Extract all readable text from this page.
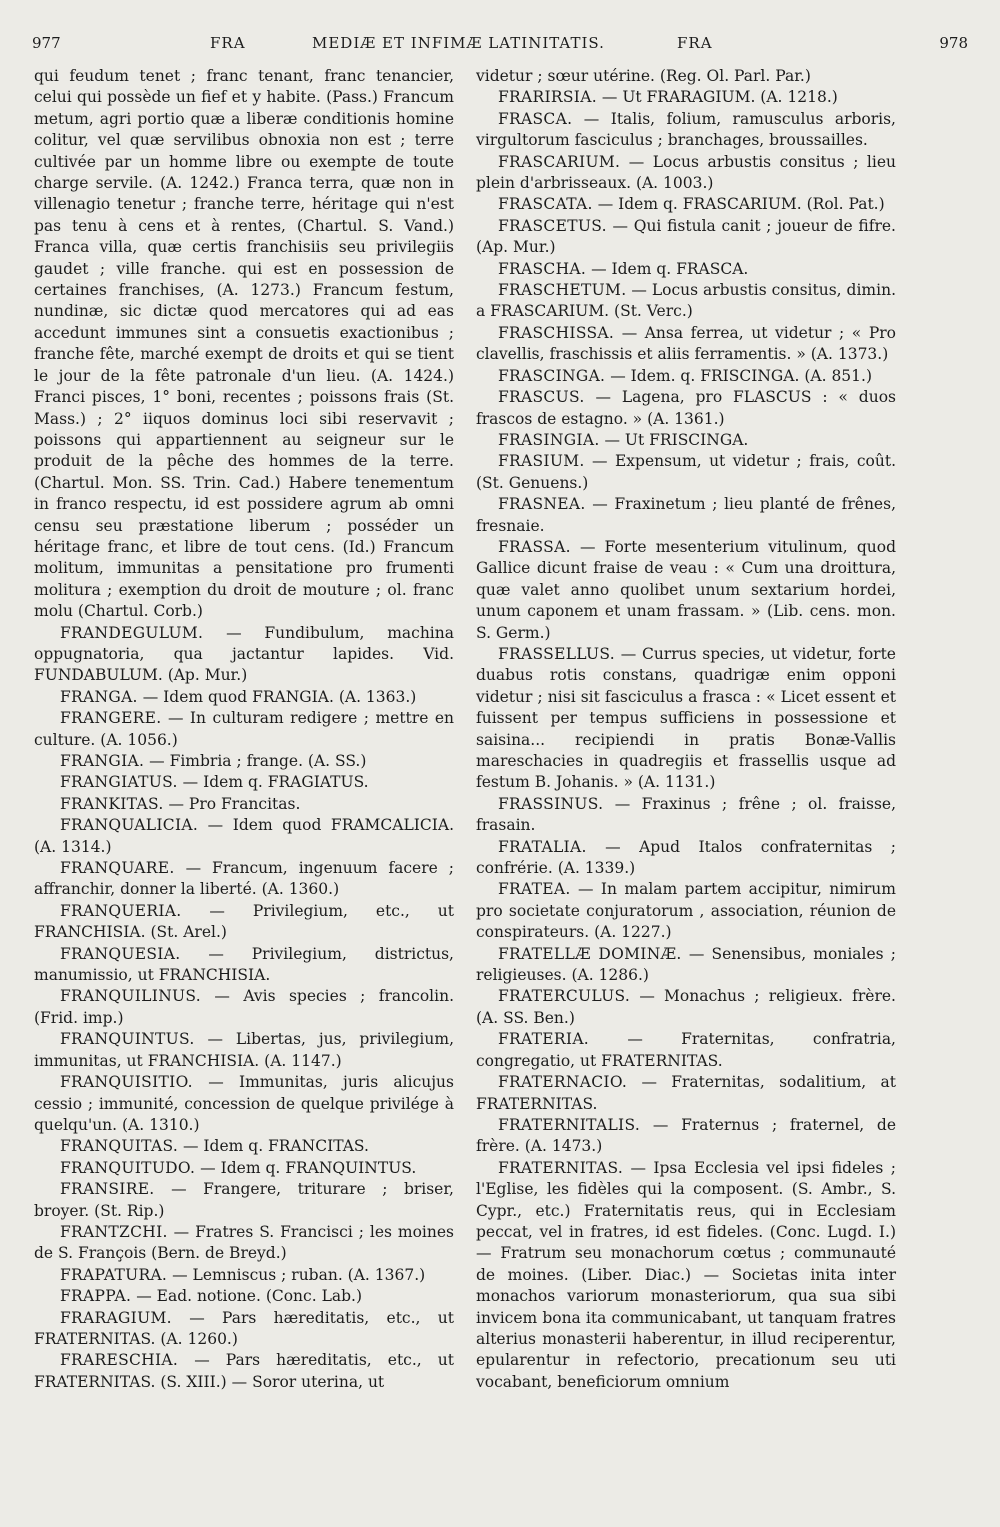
977	FRA	MEDIÆ ET INFIMÆ LATINITATIS.	FRA	978

qui feudum tenet ; franc tenant, franc tenancier, celui qui possède un fief et y habite. (Pass.) Francum metum, agri portio quæ a liberæ conditionis homine colitur, vel quæ servilibus obnoxia non est ; terre cultivée par un homme libre ou exempte de toute charge servile. (A. 1242.) Franca terra, quæ non in villenagio tenetur ; franche terre, héritage qui n'est pas tenu à cens et à rentes, (Chartul. S. Vand.) Franca villa, quæ certis franchisiis seu privilegiis gaudet ; ville franche. qui est en possession de certaines franchises, (A. 1273.) Francum festum, nundinæ, sic dictæ quod mercatores qui ad eas accedunt immunes sint a consuetis exactionibus ; franche fête, marché exempt de droits et qui se tient le jour de la fête patronale d'un lieu. (A. 1424.) Franci pisces, 1° boni, recentes ; poissons frais (St. Mass.) ; 2° iiquos dominus loci sibi reservavit ; poissons qui appartiennent au seigneur sur le produit de la pêche des hommes de la terre. (Chartul. Mon. SS. Trin. Cad.) Habere tenementum in franco respectu, id est possidere agrum ab omni censu seu præstatione liberum ; posséder un héritage franc, et libre de tout cens. (Id.) Francum molitum, immunitas a pensitatione pro frumenti molitura ; exemption du droit de mouture ; ol. franc molu (Chartul. Corb.)

FRANDEGULUM. — Fundibulum, machina oppugnatoria, qua jactantur lapides. Vid. FUNDABULUM. (Ap. Mur.)

FRANGA. — Idem quod FRANGIA. (A. 1363.)

FRANGERE. — In culturam redigere ; mettre en culture. (A. 1056.)

FRANGIA. — Fimbria ; frange. (A. SS.)

FRANGIATUS. — Idem q. FRAGIATUS.

FRANKITAS. — Pro Francitas.

FRANQUALICIA. — Idem quod FRAMCALICIA. (A. 1314.)

FRANQUARE. — Francum, ingenuum facere ; affranchir, donner la liberté. (A. 1360.)

FRANQUERIA. — Privilegium, etc., ut FRANCHISIA. (St. Arel.)

FRANQUESIA. — Privilegium, districtus, manumissio, ut FRANCHISIA.

FRANQUILINUS. — Avis species ; francolin. (Frid. imp.)

FRANQUINTUS. — Libertas, jus, privilegium, immunitas, ut FRANCHISIA. (A. 1147.)

FRANQUISITIO. — Immunitas, juris alicujus cessio ; immunité, concession de quelque privilége à quelqu'un. (A. 1310.)

FRANQUITAS. — Idem q. FRANCITAS.

FRANQUITUDO. — Idem q. FRANQUINTUS.

FRANSIRE. — Frangere, triturare ; briser, broyer. (St. Rip.)

FRANTZCHI. — Fratres S. Francisci ; les moines de S. François (Bern. de Breyd.)

FRAPATURA. — Lemniscus ; ruban. (A. 1367.)

FRAPPA. — Ead. notione. (Conc. Lab.)

FRARAGIUM. — Pars hæreditatis, etc., ut FRATERNITAS. (A. 1260.)

FRARESCHIA. — Pars hæreditatis, etc., ut FRATERNITAS. (S. XIII.) — Soror uterina, ut

videtur ; sœur utérine. (Reg. Ol. Parl. Par.)

FRARIRSIA. — Ut FRARAGIUM. (A. 1218.)

FRASCA. — Italis, folium, ramusculus arboris, virgultorum fasciculus ; branchages, broussailles.

FRASCARIUM. — Locus arbustis consitus ; lieu plein d'arbrisseaux. (A. 1003.)

FRASCATA. — Idem q. FRASCARIUM. (Rol. Pat.)

FRASCETUS. — Qui fistula canit ; joueur de fifre. (Ap. Mur.)

FRASCHA. — Idem q. FRASCA.

FRASCHETUM. — Locus arbustis consitus, dimin. a FRASCARIUM. (St. Verc.)

FRASCHISSA. — Ansa ferrea, ut videtur ; « Pro clavellis, fraschissis et aliis ferramentis. » (A. 1373.)

FRASCINGA. — Idem. q. FRISCINGA. (A. 851.)

FRASCUS. — Lagena, pro FLASCUS : « duos frascos de estagno. » (A. 1361.)

FRASINGIA. — Ut FRISCINGA.

FRASIUM. — Expensum, ut videtur ; frais, coût. (St. Genuens.)

FRASNEA. — Fraxinetum ; lieu planté de frênes, fresnaie.

FRASSA. — Forte mesenterium vitulinum, quod Gallice dicunt fraise de veau : « Cum una droittura, quæ valet anno quolibet unum sextarium hordei, unum caponem et unam frassam. » (Lib. cens. mon. S. Germ.)

FRASSELLUS. — Currus species, ut videtur, forte duabus rotis constans, quadrigæ enim opponi videtur ; nisi sit fasciculus a frasca : « Licet essent et fuissent per tempus sufficiens in possessione et saisina... recipiendi in pratis Bonæ-Vallis mareschacies in quadregiis et frassellis usque ad festum B. Johanis. » (A. 1131.)

FRASSINUS. — Fraxinus ; frêne ; ol. fraisse, frasain.

FRATALIA. — Apud Italos confraternitas ; confrérie. (A. 1339.)

FRATEA. — In malam partem accipitur, nimirum pro societate conjuratorum , association, réunion de conspirateurs. (A. 1227.)

FRATELLÆ DOMINÆ. — Senensibus, moniales ; religieuses. (A. 1286.)

FRATERCULUS. — Monachus ; religieux. frère. (A. SS. Ben.)

FRATERIA. — Fraternitas, confratria, congregatio, ut FRATERNITAS.

FRATERNACIO. — Fraternitas, sodalitium, at FRATERNITAS.

FRATERNITALIS. — Fraternus ; fraternel, de frère. (A. 1473.)

FRATERNITAS. — Ipsa Ecclesia vel ipsi fideles ; l'Eglise, les fidèles qui la composent. (S. Ambr., S. Cypr., etc.) Fraternitatis reus, qui in Ecclesiam peccat, vel in fratres, id est fideles. (Conc. Lugd. I.) — Fratrum seu monachorum cœtus ; communauté de moines. (Liber. Diac.) — Societas inita inter monachos variorum monasteriorum, qua sua sibi invicem bona ita communicabant, ut tanquam fratres alterius monasterii haberentur, in illud reciperentur, epularentur in refectorio, precationum seu uti vocabant, beneficiorum omnium
